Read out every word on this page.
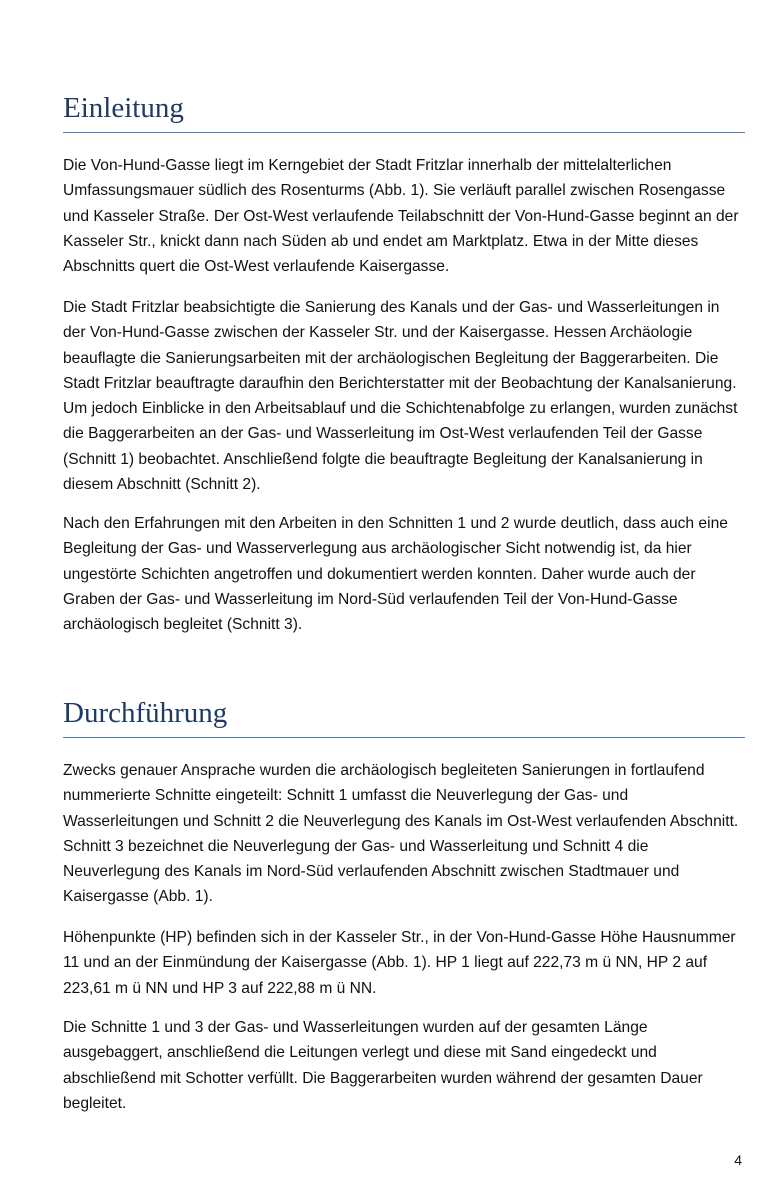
Einleitung

Die Von-Hund-Gasse liegt im Kerngebiet der Stadt Fritzlar innerhalb der mittelalterlichen Umfassungsmauer südlich des Rosenturms (Abb. 1). Sie verläuft parallel zwischen Rosengasse und Kasseler Straße. Der Ost-West verlaufende Teilabschnitt der Von-Hund-Gasse beginnt an der Kasseler Str., knickt dann nach Süden ab und endet am Marktplatz. Etwa in der Mitte dieses Abschnitts quert die Ost-West verlaufende Kaisergasse.

Die Stadt Fritzlar beabsichtigte die Sanierung des Kanals und der Gas- und Wasserleitungen in der Von-Hund-Gasse zwischen der Kasseler Str. und der Kaisergasse. Hessen Archäologie beauflagte die Sanierungsarbeiten mit der archäologischen Begleitung der Baggerarbeiten. Die Stadt Fritzlar beauftragte daraufhin den Berichterstatter mit der Beobachtung der Kanalsanierung. Um jedoch Einblicke in den Arbeitsablauf und die Schichtenabfolge zu erlangen, wurden zunächst die Baggerarbeiten an der Gas- und Wasserleitung im Ost-West verlaufenden Teil der Gasse (Schnitt 1) beobachtet. Anschließend folgte die beauftragte Begleitung der Kanalsanierung in diesem Abschnitt (Schnitt 2).

Nach den Erfahrungen mit den Arbeiten in den Schnitten 1 und 2 wurde deutlich, dass auch eine Begleitung der Gas- und Wasserverlegung aus archäologischer Sicht notwendig ist, da hier ungestörte Schichten angetroffen und dokumentiert werden konnten. Daher wurde auch der Graben der Gas- und Wasserleitung im Nord-Süd verlaufenden Teil der Von-Hund-Gasse archäologisch begleitet (Schnitt 3).

Durchführung

Zwecks genauer Ansprache wurden die archäologisch begleiteten Sanierungen in fortlaufend nummerierte Schnitte eingeteilt: Schnitt 1 umfasst die Neuverlegung der Gas- und Wasserleitungen und Schnitt 2 die Neuverlegung des Kanals im Ost-West verlaufenden Abschnitt. Schnitt 3 bezeichnet die Neuverlegung der Gas- und Wasserleitung und Schnitt 4 die Neuverlegung des Kanals im Nord-Süd verlaufenden Abschnitt zwischen Stadtmauer und Kaisergasse (Abb. 1).

Höhenpunkte (HP) befinden sich in der Kasseler Str., in der Von-Hund-Gasse Höhe Hausnummer 11 und an der Einmündung der Kaisergasse (Abb. 1). HP 1 liegt auf 222,73 m ü NN, HP 2 auf 223,61 m ü NN und HP 3 auf 222,88 m ü NN.

Die Schnitte 1 und 3 der Gas- und Wasserleitungen wurden auf der gesamten Länge ausgebaggert, anschließend die Leitungen verlegt und diese mit Sand eingedeckt und abschließend mit Schotter verfüllt. Die Baggerarbeiten wurden während der gesamten Dauer begleitet.

4
